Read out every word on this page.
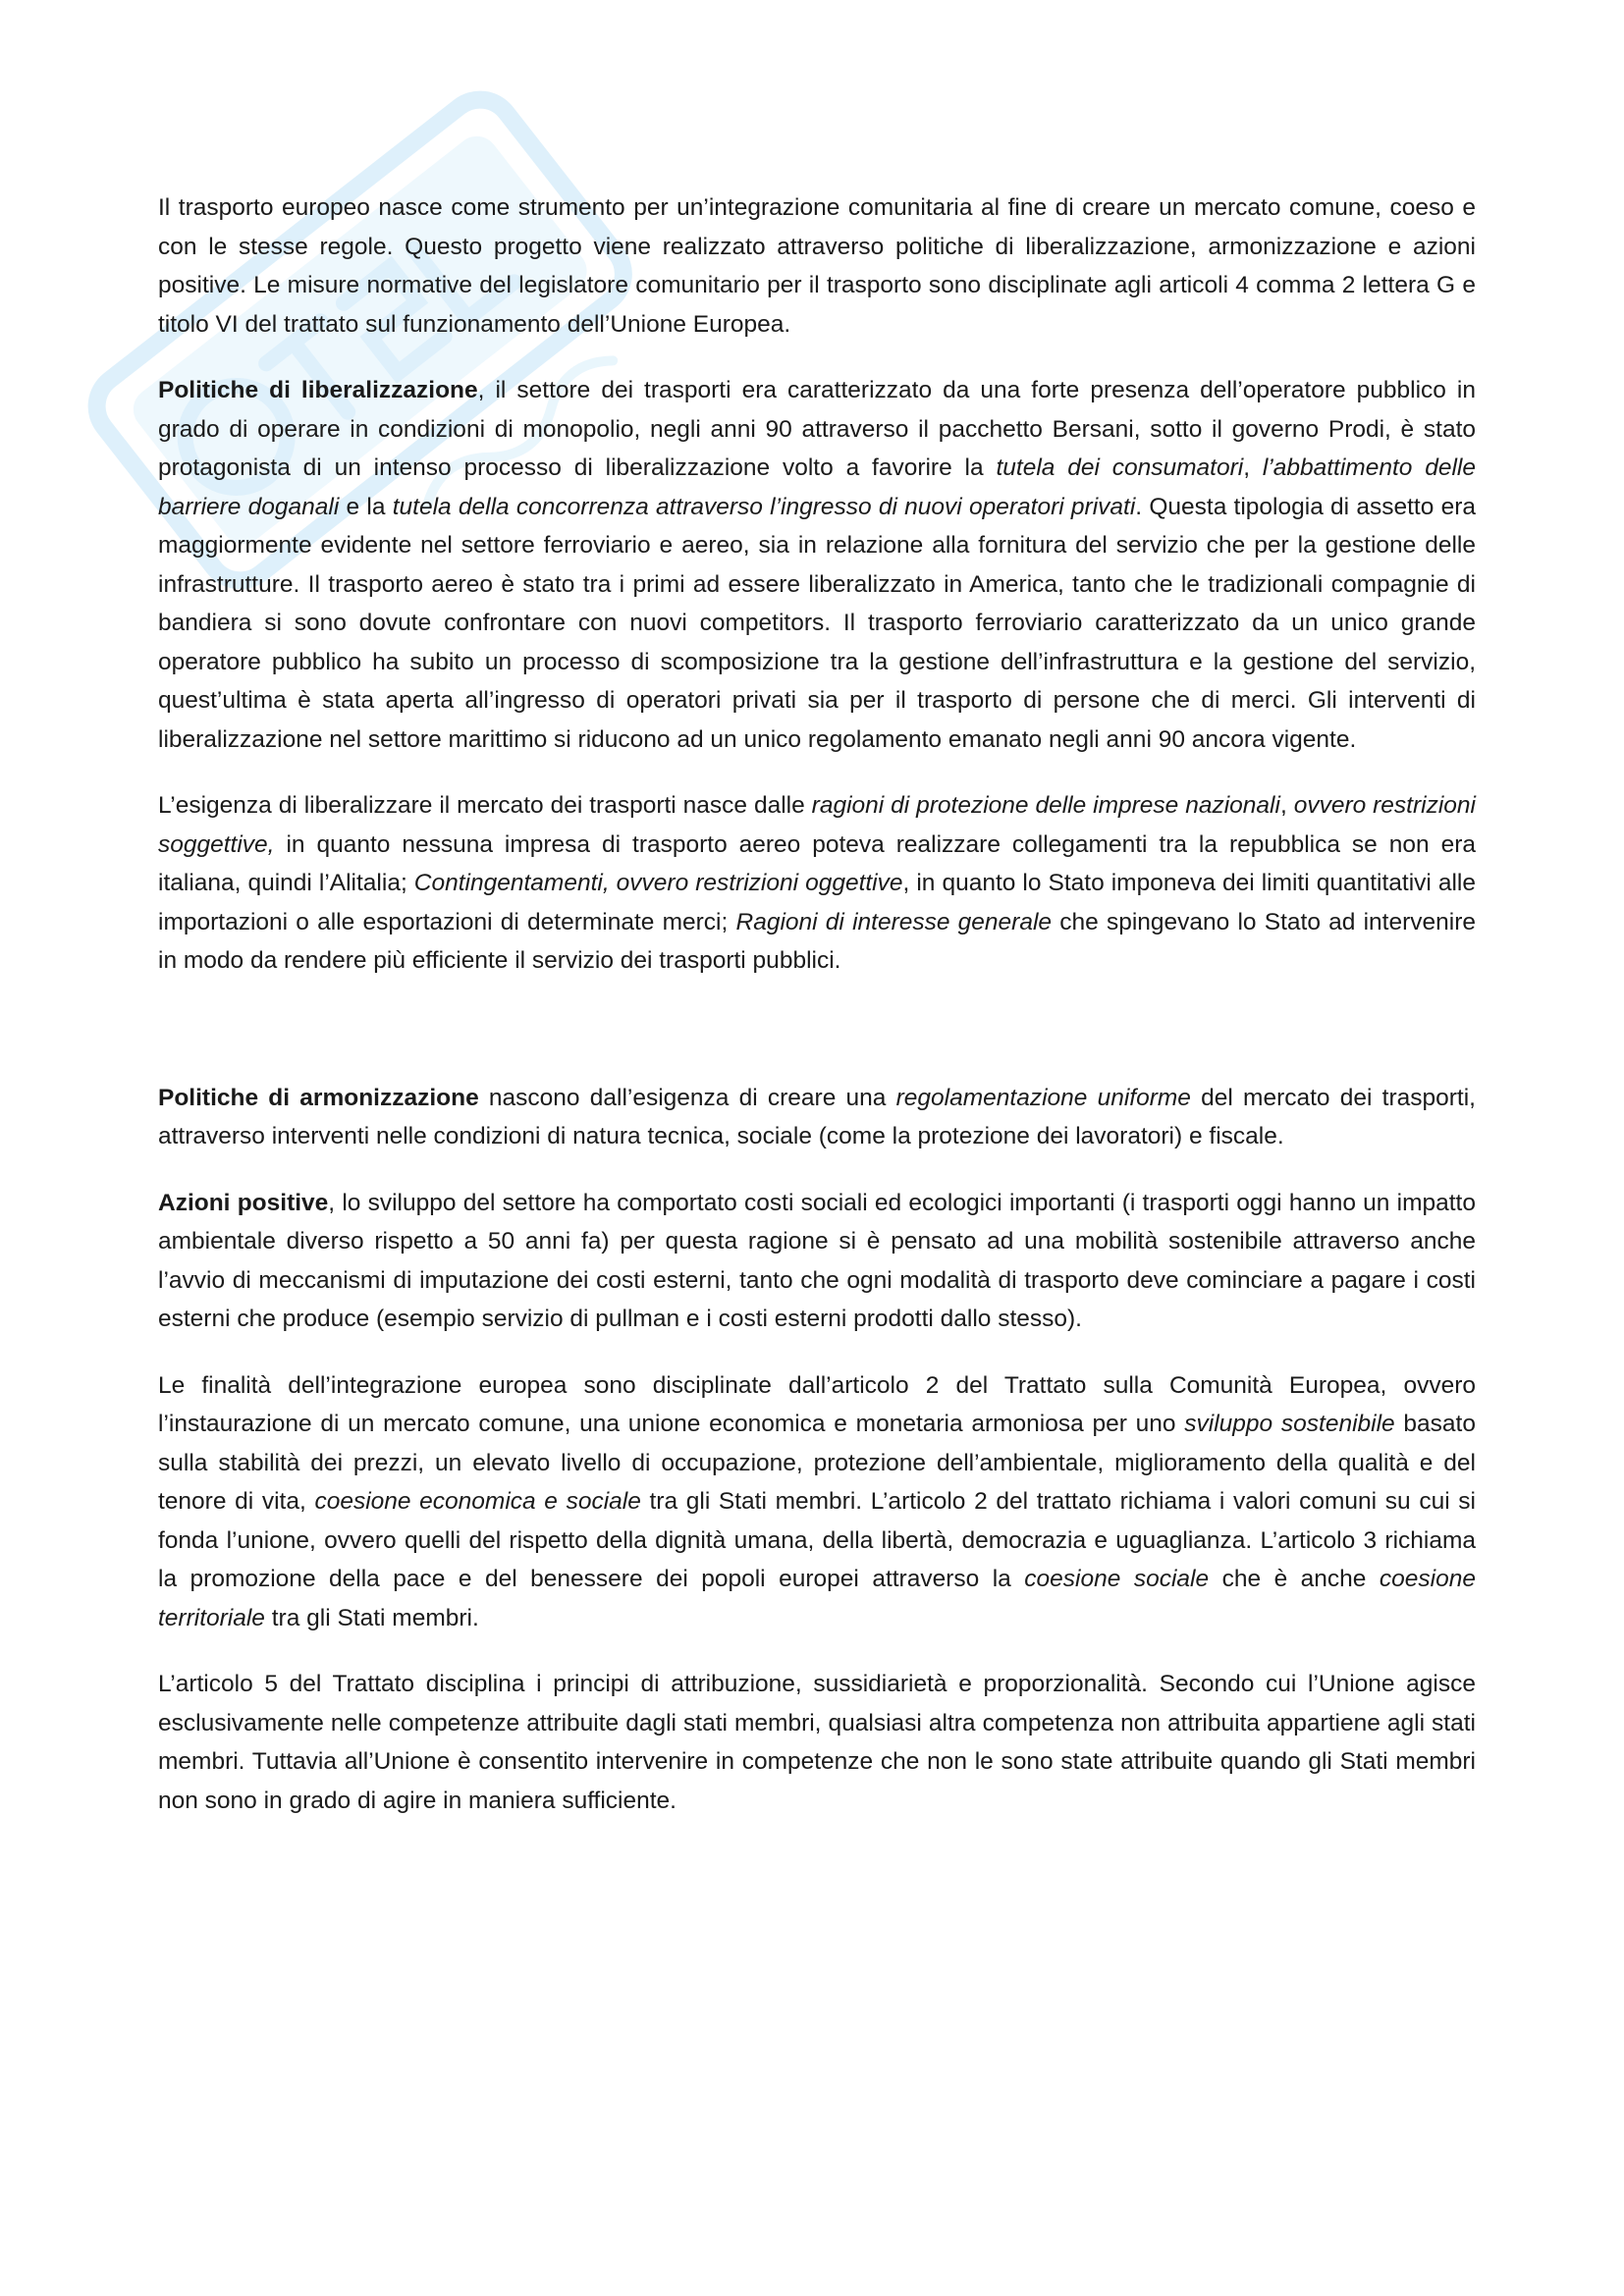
Il trasporto europeo nasce come strumento per un’integrazione comunitaria al fine di creare un mercato comune, coeso e con le stesse regole. Questo progetto viene realizzato attraverso politiche di liberalizzazione, armonizzazione e azioni positive. Le misure normative del legislatore comunitario per il trasporto sono disciplinate agli articoli 4 comma 2 lettera G e titolo VI del trattato sul funzionamento dell’Unione Europea.

Politiche di liberalizzazione, il settore dei trasporti era caratterizzato da una forte presenza dell’operatore pubblico in grado di operare in condizioni di monopolio, negli anni 90 attraverso il pacchetto Bersani, sotto il governo Prodi, è stato protagonista di un intenso processo di liberalizzazione volto a favorire la tutela dei consumatori, l’abbattimento delle barriere doganali e la tutela della concorrenza attraverso l’ingresso di nuovi operatori privati. Questa tipologia di assetto era maggiormente evidente nel settore ferroviario e aereo, sia in relazione alla fornitura del servizio che per la gestione delle infrastrutture. Il trasporto aereo è stato tra i primi ad essere liberalizzato in America, tanto che le tradizionali compagnie di bandiera si sono dovute confrontare con nuovi competitors. Il trasporto ferroviario caratterizzato da un unico grande operatore pubblico ha subito un processo di scomposizione tra la gestione dell’infrastruttura e la gestione del servizio, quest’ultima è stata aperta all’ingresso di operatori privati sia per il trasporto di persone che di merci. Gli interventi di liberalizzazione nel settore marittimo si riducono ad un unico regolamento emanato negli anni 90 ancora vigente.

L’esigenza di liberalizzare il mercato dei trasporti nasce dalle ragioni di protezione delle imprese nazionali, ovvero restrizioni soggettive, in quanto nessuna impresa di trasporto aereo poteva realizzare collegamenti tra la repubblica se non era italiana, quindi l’Alitalia; Contingentamenti, ovvero restrizioni oggettive, in quanto lo Stato imponeva dei limiti quantitativi alle importazioni o alle esportazioni di determinate merci; Ragioni di interesse generale che spingevano lo Stato ad intervenire in modo da rendere più efficiente il servizio dei trasporti pubblici.

Politiche di armonizzazione nascono dall’esigenza di creare una regolamentazione uniforme del mercato dei trasporti, attraverso interventi nelle condizioni di natura tecnica, sociale (come la protezione dei lavoratori) e fiscale.

Azioni positive, lo sviluppo del settore ha comportato costi sociali ed ecologici importanti (i trasporti oggi hanno un impatto ambientale diverso rispetto a 50 anni fa) per questa ragione si è pensato ad una mobilità sostenibile attraverso anche l’avvio di meccanismi di imputazione dei costi esterni, tanto che ogni modalità di trasporto deve cominciare a pagare i costi esterni che produce (esempio servizio di pullman e i costi esterni prodotti dallo stesso).

Le finalità dell’integrazione europea sono disciplinate dall’articolo 2 del Trattato sulla Comunità Europea, ovvero l’instaurazione di un mercato comune, una unione economica e monetaria armoniosa per uno sviluppo sostenibile basato sulla stabilità dei prezzi, un elevato livello di occupazione, protezione dell’ambientale, miglioramento della qualità e del tenore di vita, coesione economica e sociale tra gli Stati membri. L’articolo 2 del trattato richiama i valori comuni su cui si fonda l’unione, ovvero quelli del rispetto della dignità umana, della libertà, democrazia e uguaglianza. L’articolo 3 richiama la promozione della pace e del benessere dei popoli europei attraverso la coesione sociale che è anche coesione territoriale tra gli Stati membri.

L’articolo 5 del Trattato disciplina i principi di attribuzione, sussidiarietà e proporzionalità. Secondo cui l’Unione agisce esclusivamente nelle competenze attribuite dagli stati membri, qualsiasi altra competenza non attribuita appartiene agli stati membri. Tuttavia all’Unione è consentito intervenire in competenze che non le sono state attribuite quando gli Stati membri non sono in grado di agire in maniera sufficiente.
